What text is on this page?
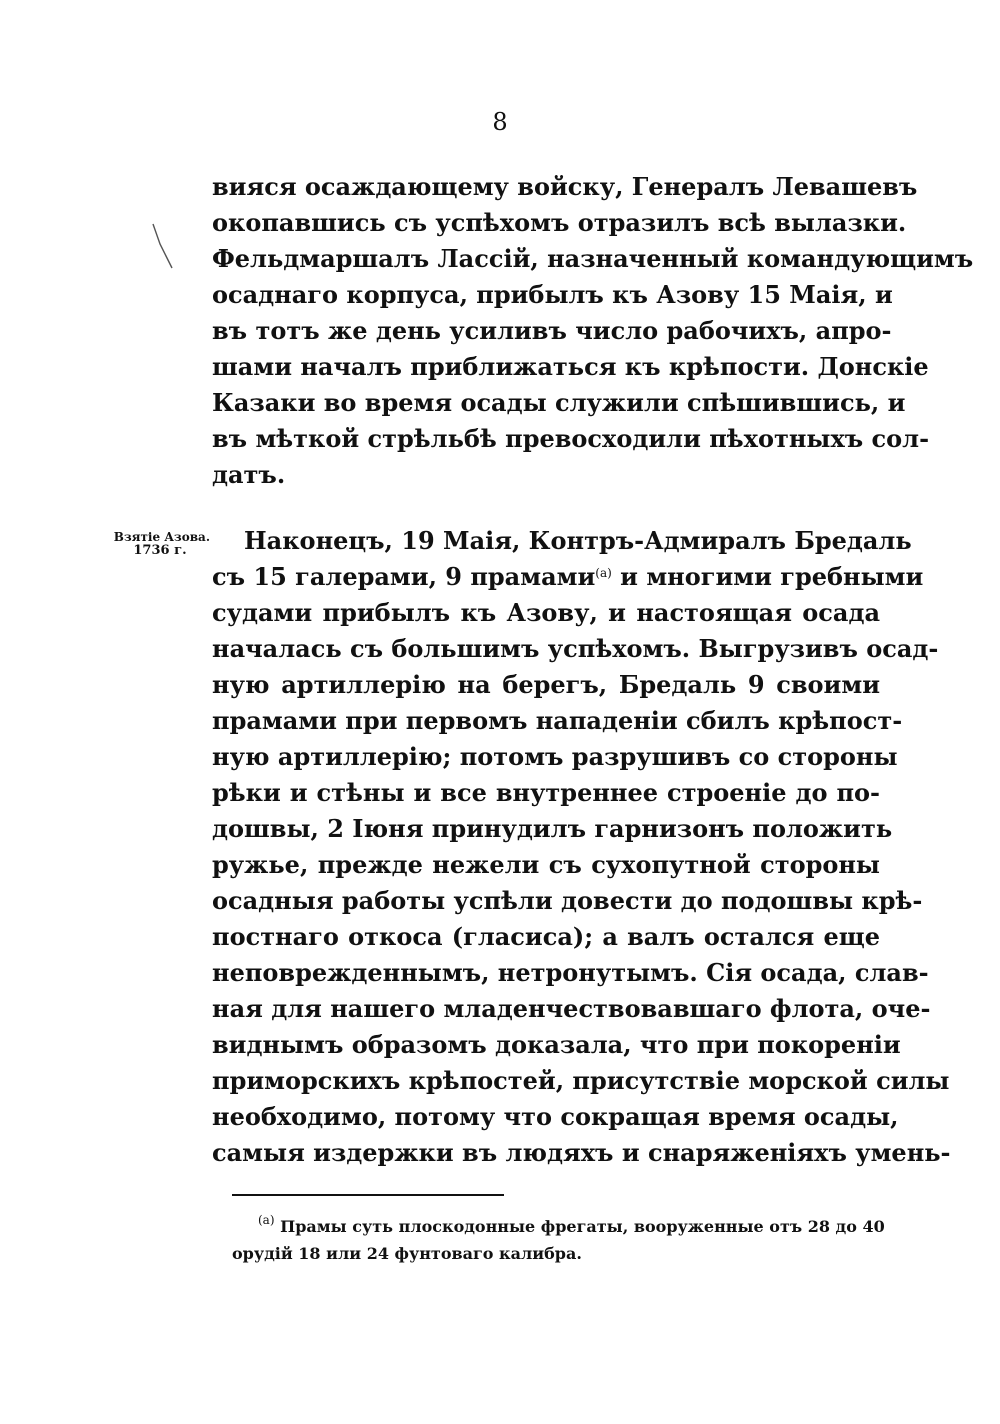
8
вияся осаждающему войску, Генералъ Левашевъ
окопавшись съ успѣхомъ отразилъ всѣ вылазки.
Фельдмаршалъ Лассій, назначенный командующимъ
осаднаго корпуса, прибылъ къ Азову 15 Маія, и
въ тотъ же день усиливъ число рабочихъ, апро-
шами началъ приближаться къ крѣпости. Донскіе
Казаки во время осады служили спѣшившись, и
въ мѣткой стрѣльбѣ превосходили пѣхотныхъ сол-
датъ.
Взятіе Азова.
1736 г.	Наконецъ, 19 Маія, Контръ-Адмиралъ Бредаль
съ 15 галерами, 9 прамами$^{(а)}$ и многими гребными
судами прибылъ къ Азову, и настоящая осада
началась съ большимъ успѣхомъ. Выгрузивъ осад-
ную артиллерію на берегъ, Бредаль 9 своими
прамами при первомъ нападеніи сбилъ крѣпост-
ную артиллерію; потомъ разрушивъ со стороны
рѣки и стѣны и все внутреннее строеніе до по-
дошвы, 2 Іюня принудилъ гарнизонъ положить
ружье, прежде нежели съ сухопутной стороны
осадныя работы успѣли довести до подошвы крѣ-
постнаго откоса (гласиса); а валъ остался еще
неповрежденнымъ, нетронутымъ. Сія осада, слав-
ная для нашего младенчествовавшаго флота, оче-
виднымъ образомъ доказала, что при покореніи
приморскихъ крѣпостей, присутствіе морской силы
необходимо, потому что сокращая время осады,
самыя издержки въ людяхъ и снаряженіяхъ умень-
$^{(а)}$ Прамы суть плоскодонные фрегаты, вооруженные отъ 28 до 40
орудій 18 или 24 фунтоваго калибра.
